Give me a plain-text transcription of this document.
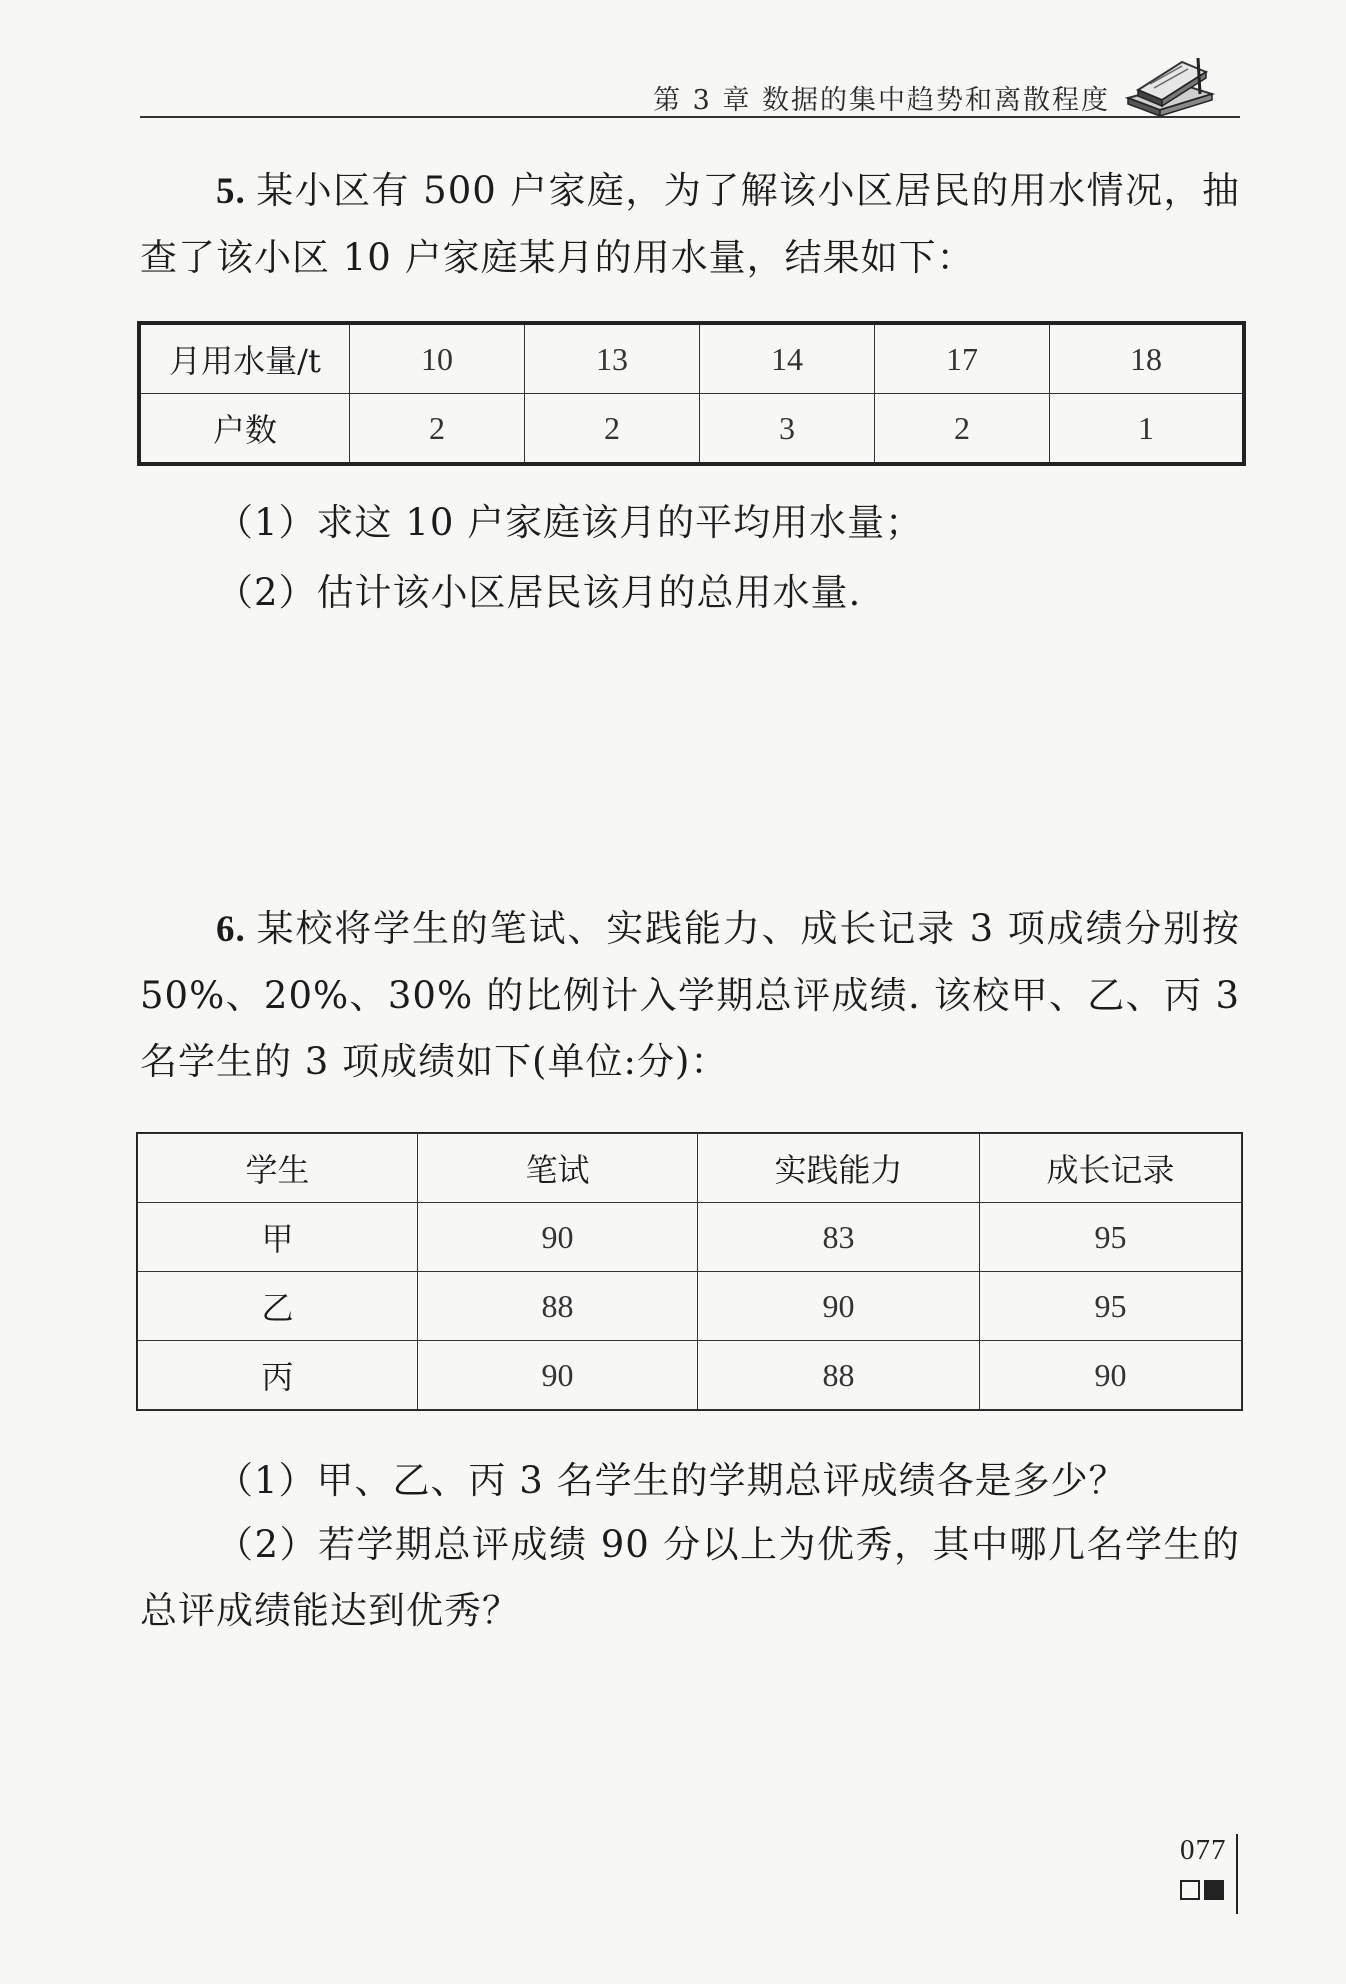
第 3 章 数据的集中趋势和离散程度

5. 某小区有 500 户家庭，为了解该小区居民的用水情况，抽查了该小区 10 户家庭某月的用水量，结果如下：

月用水量/t	10	13	14	17	18
户数	2	2	3	2	1

（1）求这 10 户家庭该月的平均用水量；

（2）估计该小区居民该月的总用水量.

6. 某校将学生的笔试、实践能力、成长记录 3 项成绩分别按 50%、20%、30% 的比例计入学期总评成绩. 该校甲、乙、丙 3 名学生的 3 项成绩如下(单位:分)：

学生	笔试	实践能力	成长记录
甲	90	83	95
乙	88	90	95
丙	90	88	90

（1）甲、乙、丙 3 名学生的学期总评成绩各是多少？

（2）若学期总评成绩 90 分以上为优秀，其中哪几名学生的总评成绩能达到优秀？

077
